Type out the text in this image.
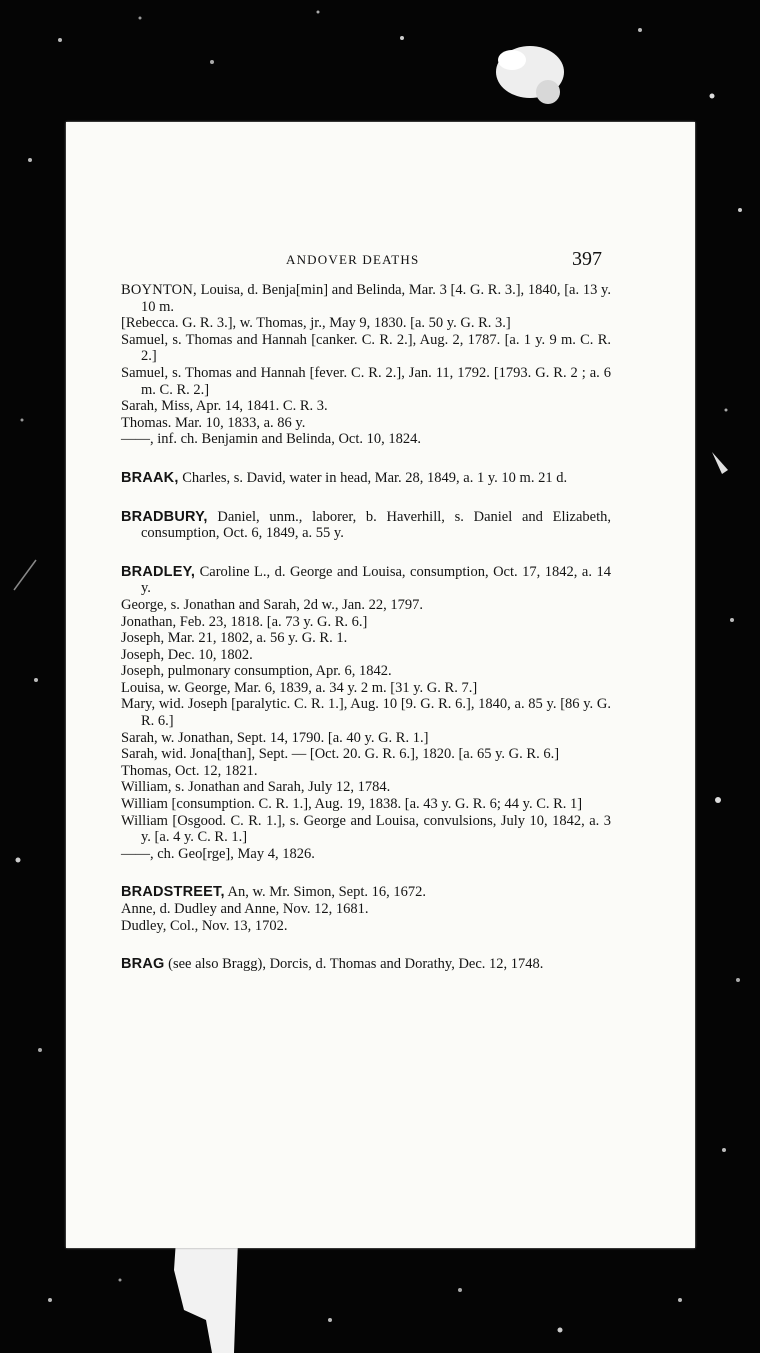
ANDOVER DEATHS	397
BOYNTON, Louisa, d. Benja[min] and Belinda, Mar. 3 [4. G. R. 3.], 1840, [a. 13 y. 10 m.
[Rebecca. G. R. 3.], w. Thomas, jr., May 9, 1830. [a. 50 y. G. R. 3.]
Samuel, s. Thomas and Hannah [canker. C. R. 2.], Aug. 2, 1787. [a. 1 y. 9 m. C. R. 2.]
Samuel, s. Thomas and Hannah [fever. C. R. 2.], Jan. 11, 1792. [1793. G. R. 2 ; a. 6 m. C. R. 2.]
Sarah, Miss, Apr. 14, 1841. C. R. 3.
Thomas. Mar. 10, 1833, a. 86 y.
——, inf. ch. Benjamin and Belinda, Oct. 10, 1824.
BRAAK, Charles, s. David, water in head, Mar. 28, 1849, a. 1 y. 10 m. 21 d.
BRADBURY, Daniel, unm., laborer, b. Haverhill, s. Daniel and Elizabeth, consumption, Oct. 6, 1849, a. 55 y.
BRADLEY, Caroline L., d. George and Louisa, consumption, Oct. 17, 1842, a. 14 y.
George, s. Jonathan and Sarah, 2d w., Jan. 22, 1797.
Jonathan, Feb. 23, 1818. [a. 73 y. G. R. 6.]
Joseph, Mar. 21, 1802, a. 56 y. G. R. 1.
Joseph, Dec. 10, 1802.
Joseph, pulmonary consumption, Apr. 6, 1842.
Louisa, w. George, Mar. 6, 1839, a. 34 y. 2 m. [31 y. G. R. 7.]
Mary, wid. Joseph [paralytic. C. R. 1.], Aug. 10 [9. G. R. 6.], 1840, a. 85 y. [86 y. G. R. 6.]
Sarah, w. Jonathan, Sept. 14, 1790. [a. 40 y. G. R. 1.]
Sarah, wid. Jona[than], Sept. — [Oct. 20. G. R. 6.], 1820. [a. 65 y. G. R. 6.]
Thomas, Oct. 12, 1821.
William, s. Jonathan and Sarah, July 12, 1784.
William [consumption. C. R. 1.], Aug. 19, 1838. [a. 43 y. G. R. 6; 44 y. C. R. 1]
William [Osgood. C. R. 1.], s. George and Louisa, convulsions, July 10, 1842, a. 3 y. [a. 4 y. C. R. 1.]
——, ch. Geo[rge], May 4, 1826.
BRADSTREET, An, w. Mr. Simon, Sept. 16, 1672.
Anne, d. Dudley and Anne, Nov. 12, 1681.
Dudley, Col., Nov. 13, 1702.
BRAG (see also Bragg), Dorcis, d. Thomas and Dorathy, Dec. 12, 1748.
